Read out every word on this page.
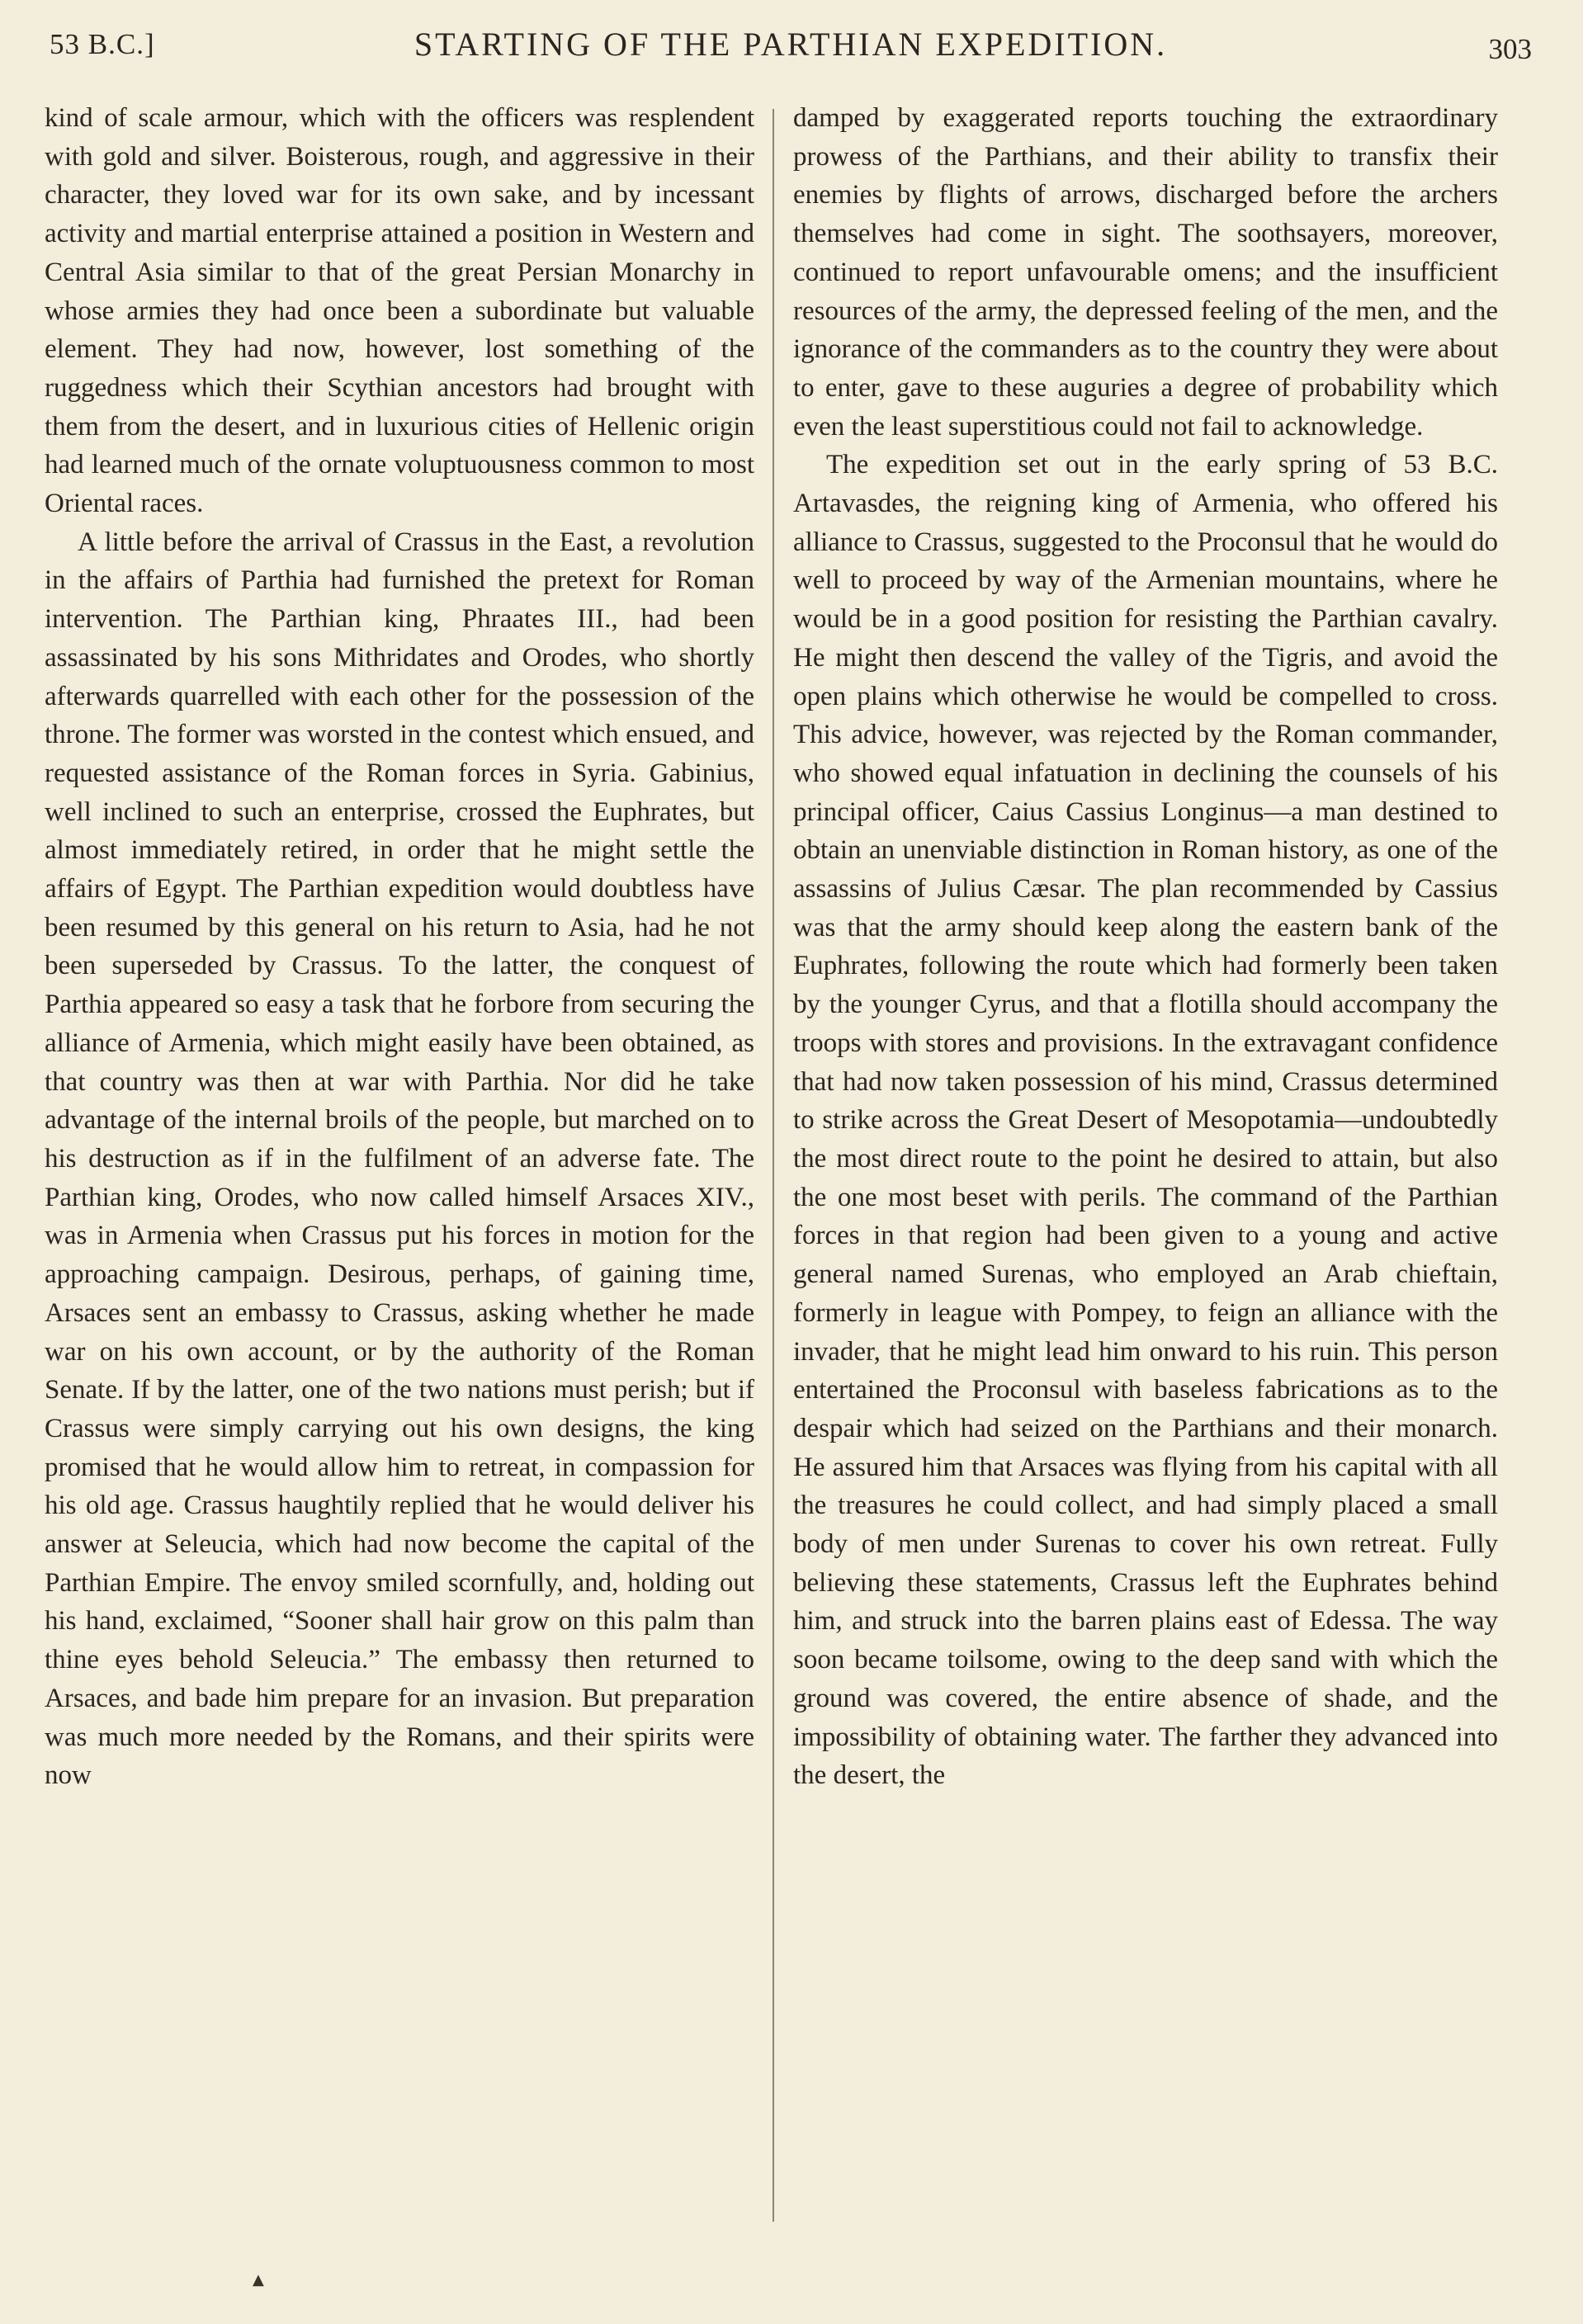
53 B.C.]	STARTING OF THE PARTHIAN EXPEDITION.	303

kind of scale armour, which with the officers was resplendent with gold and silver. Boisterous, rough, and aggressive in their character, they loved war for its own sake, and by incessant activity and martial enterprise attained a position in Western and Central Asia similar to that of the great Persian Monarchy in whose armies they had once been a subordinate but valuable element. They had now, however, lost something of the ruggedness which their Scythian ancestors had brought with them from the desert, and in luxurious cities of Hellenic origin had learned much of the ornate voluptuousness common to most Oriental races.

A little before the arrival of Crassus in the East, a revolution in the affairs of Parthia had furnished the pretext for Roman intervention. The Parthian king, Phraates III., had been assassinated by his sons Mithridates and Orodes, who shortly afterwards quarrelled with each other for the possession of the throne. The former was worsted in the contest which ensued, and requested assistance of the Roman forces in Syria. Gabinius, well inclined to such an enterprise, crossed the Euphrates, but almost immediately retired, in order that he might settle the affairs of Egypt. The Parthian expedition would doubtless have been resumed by this general on his return to Asia, had he not been superseded by Crassus. To the latter, the conquest of Parthia appeared so easy a task that he forbore from securing the alliance of Armenia, which might easily have been obtained, as that country was then at war with Parthia. Nor did he take advantage of the internal broils of the people, but marched on to his destruction as if in the fulfilment of an adverse fate. The Parthian king, Orodes, who now called himself Arsaces XIV., was in Armenia when Crassus put his forces in motion for the approaching campaign. Desirous, perhaps, of gaining time, Arsaces sent an embassy to Crassus, asking whether he made war on his own account, or by the authority of the Roman Senate. If by the latter, one of the two nations must perish; but if Crassus were simply carrying out his own designs, the king promised that he would allow him to retreat, in compassion for his old age. Crassus haughtily replied that he would deliver his answer at Seleucia, which had now become the capital of the Parthian Empire. The envoy smiled scornfully, and, holding out his hand, exclaimed, “Sooner shall hair grow on this palm than thine eyes behold Seleucia.” The embassy then returned to Arsaces, and bade him prepare for an invasion. But preparation was much more needed by the Romans, and their spirits were now

damped by exaggerated reports touching the extraordinary prowess of the Parthians, and their ability to transfix their enemies by flights of arrows, discharged before the archers themselves had come in sight. The soothsayers, moreover, continued to report unfavourable omens; and the insufficient resources of the army, the depressed feeling of the men, and the ignorance of the commanders as to the country they were about to enter, gave to these auguries a degree of probability which even the least superstitious could not fail to acknowledge.

The expedition set out in the early spring of 53 B.C. Artavasdes, the reigning king of Armenia, who offered his alliance to Crassus, suggested to the Proconsul that he would do well to proceed by way of the Armenian mountains, where he would be in a good position for resisting the Parthian cavalry. He might then descend the valley of the Tigris, and avoid the open plains which otherwise he would be compelled to cross. This advice, however, was rejected by the Roman commander, who showed equal infatuation in declining the counsels of his principal officer, Caius Cassius Longinus—a man destined to obtain an unenviable distinction in Roman history, as one of the assassins of Julius Cæsar. The plan recommended by Cassius was that the army should keep along the eastern bank of the Euphrates, following the route which had formerly been taken by the younger Cyrus, and that a flotilla should accompany the troops with stores and provisions. In the extravagant confidence that had now taken possession of his mind, Crassus determined to strike across the Great Desert of Mesopotamia—undoubtedly the most direct route to the point he desired to attain, but also the one most beset with perils. The command of the Parthian forces in that region had been given to a young and active general named Surenas, who employed an Arab chieftain, formerly in league with Pompey, to feign an alliance with the invader, that he might lead him onward to his ruin. This person entertained the Proconsul with baseless fabrications as to the despair which had seized on the Parthians and their monarch. He assured him that Arsaces was flying from his capital with all the treasures he could collect, and had simply placed a small body of men under Surenas to cover his own retreat. Fully believing these statements, Crassus left the Euphrates behind him, and struck into the barren plains east of Edessa. The way soon became toilsome, owing to the deep sand with which the ground was covered, the entire absence of shade, and the impossibility of obtaining water. The farther they advanced into the desert, the

▲
